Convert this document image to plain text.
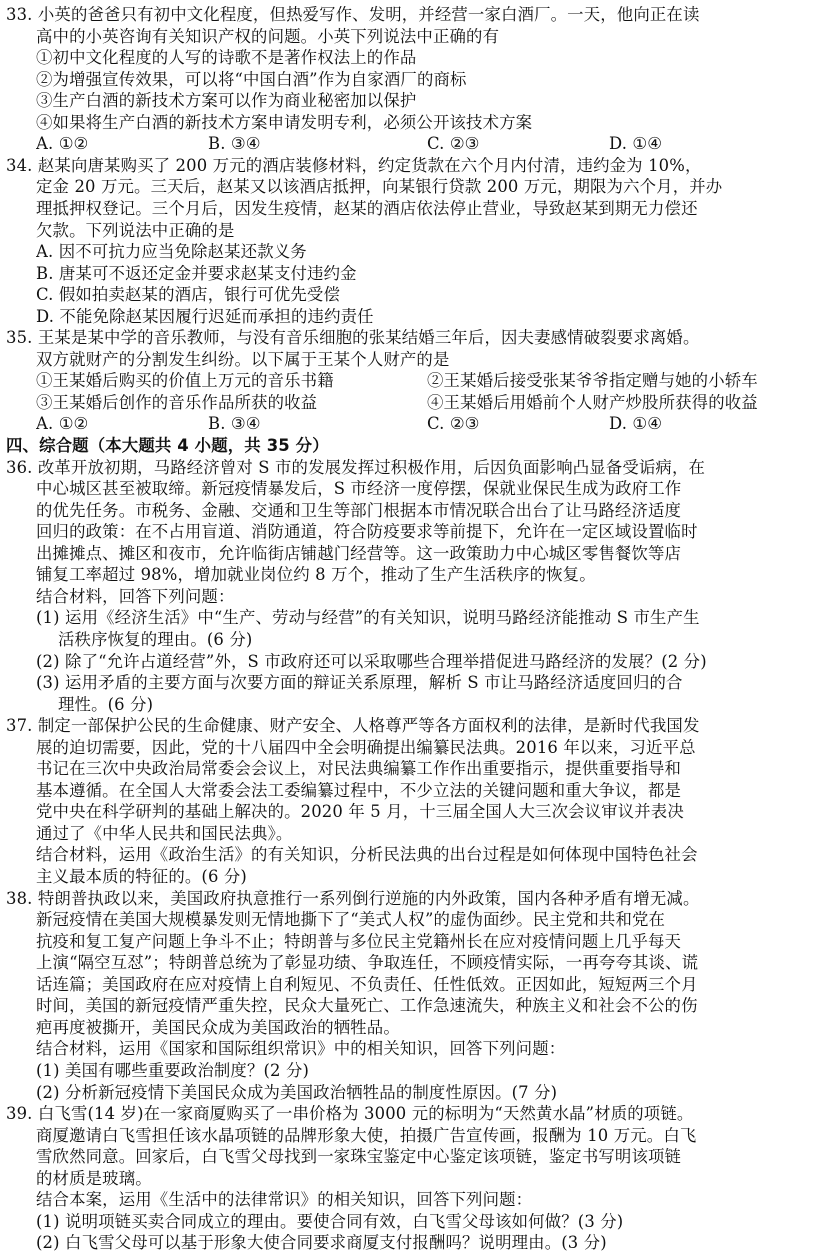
33. 小英的爸爸只有初中文化程度，但热爱写作、发明，并经营一家白酒厂。一天，他向正在读
高中的小英咨询有关知识产权的问题。小英下列说法中正确的有
①初中文化程度的人写的诗歌不是著作权法上的作品
②为增强宣传效果，可以将“中国白酒”作为自家酒厂的商标
③生产白酒的新技术方案可以作为商业秘密加以保护
④如果将生产白酒的新技术方案申请发明专利，必须公开该技术方案
A. ①②	B. ③④	C. ②③	D. ①④
34. 赵某向唐某购买了 200 万元的酒店装修材料，约定货款在六个月内付清，违约金为 10%，
定金 20 万元。三天后，赵某又以该酒店抵押，向某银行贷款 200 万元，期限为六个月，并办
理抵押权登记。三个月后，因发生疫情，赵某的酒店依法停止营业，导致赵某到期无力偿还
欠款。下列说法中正确的是
A. 因不可抗力应当免除赵某还款义务
B. 唐某可不返还定金并要求赵某支付违约金
C. 假如拍卖赵某的酒店，银行可优先受偿
D. 不能免除赵某因履行迟延而承担的违约责任
35. 王某是某中学的音乐教师，与没有音乐细胞的张某结婚三年后，因夫妻感情破裂要求离婚。
双方就财产的分割发生纠纷。以下属于王某个人财产的是
①王某婚后购买的价值上万元的音乐书籍	②王某婚后接受张某爷爷指定赠与她的小轿车
③王某婚后创作的音乐作品所获的收益	④王某婚后用婚前个人财产炒股所获得的收益
A. ①②	B. ③④	C. ②③	D. ①④
四、综合题（本大题共 4 小题，共 35 分）
36. 改革开放初期，马路经济曾对 S 市的发展发挥过积极作用，后因负面影响凸显备受诟病，在
中心城区甚至被取缔。新冠疫情暴发后，S 市经济一度停摆，保就业保民生成为政府工作
的优先任务。市税务、金融、交通和卫生等部门根据本市情况联合出台了让马路经济适度
回归的政策：在不占用盲道、消防通道，符合防疫要求等前提下，允许在一定区域设置临时
出摊摊点、摊区和夜市，允许临街店铺越门经营等。这一政策助力中心城区零售餐饮等店
铺复工率超过 98%，增加就业岗位约 8 万个，推动了生产生活秩序的恢复。
结合材料，回答下列问题：
(1) 运用《经济生活》中“生产、劳动与经营”的有关知识，说明马路经济能推动 S 市生产生
活秩序恢复的理由。(6 分)
(2) 除了“允许占道经营”外，S 市政府还可以采取哪些合理举措促进马路经济的发展？(2 分)
(3) 运用矛盾的主要方面与次要方面的辩证关系原理，解析 S 市让马路经济适度回归的合
理性。(6 分)
37. 制定一部保护公民的生命健康、财产安全、人格尊严等各方面权利的法律，是新时代我国发
展的迫切需要，因此，党的十八届四中全会明确提出编纂民法典。2016 年以来，习近平总
书记在三次中央政治局常委会会议上，对民法典编纂工作作出重要指示，提供重要指导和
基本遵循。在全国人大常委会法工委编纂过程中，不少立法的关键问题和重大争议，都是
党中央在科学研判的基础上解决的。2020 年 5 月，十三届全国人大三次会议审议并表决
通过了《中华人民共和国民法典》。
结合材料，运用《政治生活》的有关知识，分析民法典的出台过程是如何体现中国特色社会
主义最本质的特征的。(6 分)
38. 特朗普执政以来，美国政府执意推行一系列倒行逆施的内外政策，国内各种矛盾有增无减。
新冠疫情在美国大规模暴发则无情地撕下了“美式人权”的虚伪面纱。民主党和共和党在
抗疫和复工复产问题上争斗不止；特朗普与多位民主党籍州长在应对疫情问题上几乎每天
上演“隔空互怼”；特朗普总统为了彰显功绩、争取连任，不顾疫情实际，一再夸夸其谈、谎
话连篇；美国政府在应对疫情上自利短见、不负责任、任性低效。正因如此，短短两三个月
时间，美国的新冠疫情严重失控，民众大量死亡、工作急速流失，种族主义和社会不公的伤
疤再度被撕开，美国民众成为美国政治的牺牲品。
结合材料，运用《国家和国际组织常识》中的相关知识，回答下列问题：
(1) 美国有哪些重要政治制度？(2 分)
(2) 分析新冠疫情下美国民众成为美国政治牺牲品的制度性原因。(7 分)
39. 白飞雪(14 岁)在一家商厦购买了一串价格为 3000 元的标明为“天然黄水晶”材质的项链。
商厦邀请白飞雪担任该水晶项链的品牌形象大使，拍摄广告宣传画，报酬为 10 万元。白飞
雪欣然同意。回家后，白飞雪父母找到一家珠宝鉴定中心鉴定该项链，鉴定书写明该项链
的材质是玻璃。
结合本案，运用《生活中的法律常识》的相关知识，回答下列问题：
(1) 说明项链买卖合同成立的理由。要使合同有效，白飞雪父母该如何做？(3 分)
(2) 白飞雪父母可以基于形象大使合同要求商厦支付报酬吗？说明理由。(3 分)
